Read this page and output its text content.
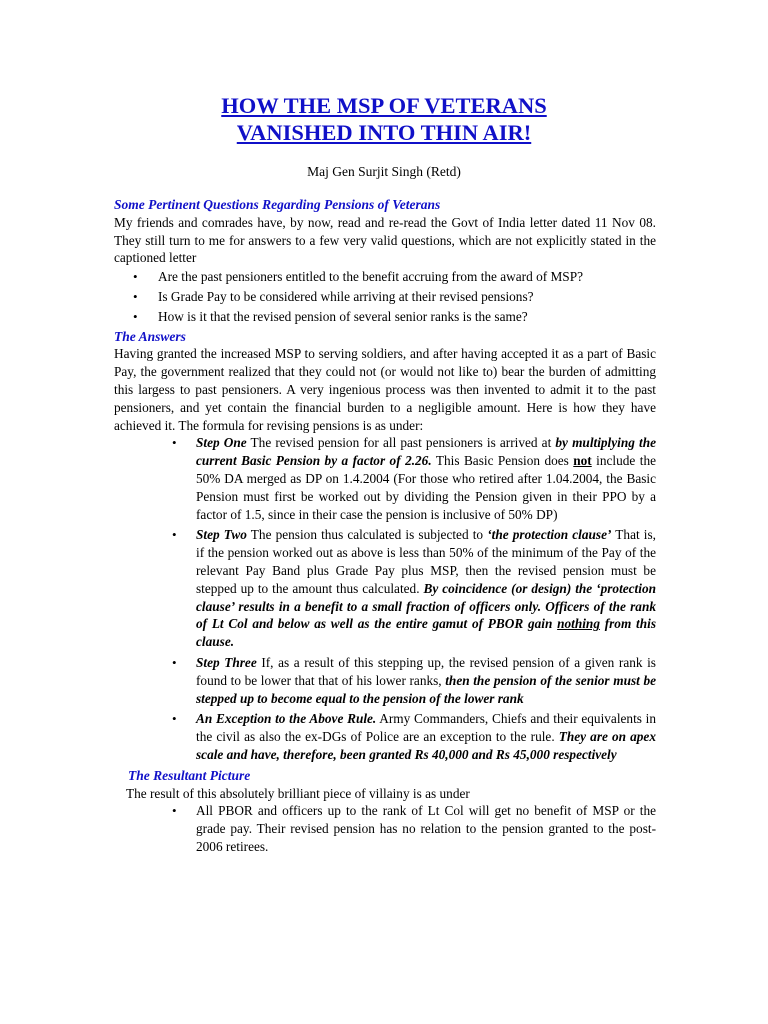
HOW THE MSP OF VETERANS
VANISHED INTO THIN AIR!
Maj Gen Surjit Singh (Retd)
Some Pertinent Questions Regarding Pensions of Veterans

My friends and comrades have, by now, read and re-read the Govt of India letter dated 11 Nov 08. They still turn to me for answers to a few very valid questions, which are not explicitly stated in the captioned letter

• Are the past pensioners entitled to the benefit accruing from the award of MSP?
• Is Grade Pay to be considered while arriving at their revised pensions?
• How is it that the revised pension of several senior ranks is the same?
The Answers

Having granted the increased MSP to serving soldiers, and after having accepted it as a part of Basic Pay, the government realized that they could not (or would not like to) bear the burden of admitting this largess to past pensioners. A very ingenious process was then invented to admit it to the past pensioners, and yet contain the financial burden to a negligible amount. Here is how they have achieved it. The formula for revising pensions is as under:

• Step One The revised pension for all past pensioners is arrived at by multiplying the current Basic Pension by a factor of 2.26. This Basic Pension does not include the 50% DA merged as DP on 1.4.2004 (For those who retired after 1.04.2004, the Basic Pension must first be worked out by dividing the Pension given in their PPO by a factor of 1.5, since in their case the pension is inclusive of 50% DP)
• Step Two The pension thus calculated is subjected to ‘the protection clause’ That is, if the pension worked out as above is less than 50% of the minimum of the Pay of the relevant Pay Band plus Grade Pay plus MSP, then the revised pension must be stepped up to the amount thus calculated. By coincidence (or design) the ‘protection clause’ results in a benefit to a small fraction of officers only. Officers of the rank of Lt Col and below as well as the entire gamut of PBOR gain nothing from this clause.
• Step Three If, as a result of this stepping up, the revised pension of a given rank is found to be lower that that of his lower ranks, then the pension of the senior must be stepped up to become equal to the pension of the lower rank
• An Exception to the Above Rule. Army Commanders, Chiefs and their equivalents in the civil as also the ex-DGs of Police are an exception to the rule. They are on apex scale and have, therefore, been granted Rs 40,000 and Rs 45,000 respectively
The Resultant Picture

The result of this absolutely brilliant piece of villainy is as under

• All PBOR and officers up to the rank of Lt Col will get no benefit of MSP or the grade pay. Their revised pension has no relation to the pension granted to the post-2006 retirees.
